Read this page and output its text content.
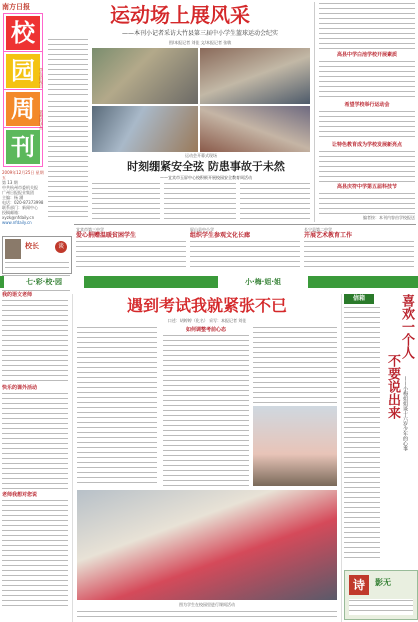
南方日报
校
园
周
刊
学生的视点
老师的讲台
2009年12月25日 星期五
第 13 期
中共杭州市委机关报
广州日报报业集团
主编：杨 涵
电话：020-87373998
联系部门：新闻中心
投稿邮箱：xyzk@nfdaily.cn
www.nfdaily.cn
校长	谈
运动场上展风采
——本刊小记者采访大竹县第三届中小学生篮球运动会纪实
图/本报记者 刘佳 文/本报记者 张敏
运动会开幕式现场
时刻绷紧安全弦 防患事故于未然
——宜宾市玉屏中心校积极开展校园安全教育周活动
高县中学白池学校开展素质
希望学校举行运动会
让特色教育成为学校发展新亮点
高县庆符中学第五届科技节
编者按：本刊内容由学校报送
宜宾市第三中学
爱心捐赠温暖贫困学生
屏山县中小学
组织学生参观文化长廊
长宁县第二中学
开展艺术教育工作
七·彩·校·园	小·梅·姐·姐
我的语文老师
快乐的课外活动
老师我想对您说
遇到考试我就紧张不已
口述：胡婷婷（化名） 采写：本报记者 刘佳
如何调整考前心态
图为学生在校园里进行课间活动
信箱	喜欢一个人
不要说出来 ——小梅姐姐谈十六岁少年的心事
诗	影无
